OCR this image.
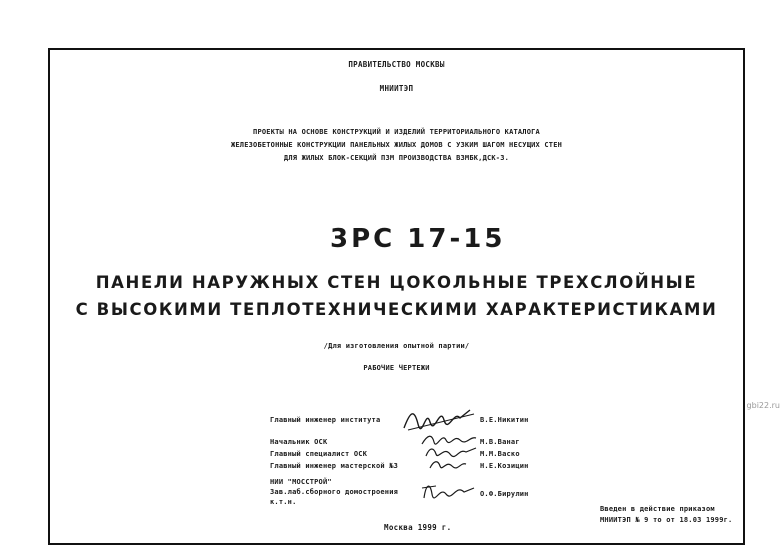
ПРАВИТЕЛЬСТВО МОСКВЫ
МНИИТЭП
ПРОЕКТЫ НА ОСНОВЕ КОНСТРУКЦИЙ И ИЗДЕЛИЙ ТЕРРИТОРИАЛЬНОГО КАТАЛОГА
ЖЕЛЕЗОБЕТОННЫЕ КОНСТРУКЦИИ ПАНЕЛЬНЫХ ЖИЛЫХ ДОМОВ С УЗКИМ ШАГОМ НЕСУЩИХ СТЕН
ДЛЯ ЖИЛЫХ БЛОК-СЕКЦИЙ ПЗМ ПРОИЗВОДСТВА ВЗМБК,ДСК-3.
3РС 17-15
ПАНЕЛИ НАРУЖНЫХ СТЕН ЦОКОЛЬНЫЕ ТРЕХСЛОЙНЫЕ
С ВЫСОКИМИ ТЕПЛОТЕХНИЧЕСКИМИ ХАРАКТЕРИСТИКАМИ
/Для изготовления опытной партии/
РАБОЧИЕ ЧЕРТЕЖИ
Главный инженер института	В.Е.Никитин
Начальник ОСК	М.В.Ванаг
Главный специалист ОСК	М.М.Васко
Главный инженер мастерской №3	Н.Е.Козицин
НИИ "МОССТРОЙ"
Зав.лаб.сборного домостроения
к.т.н.
О.Ф.Бирулин
Введен в действие приказом
МНИИТЭП № 9 то от 18.03 1999г.
Москва 1999 г.
gbi22.ru
